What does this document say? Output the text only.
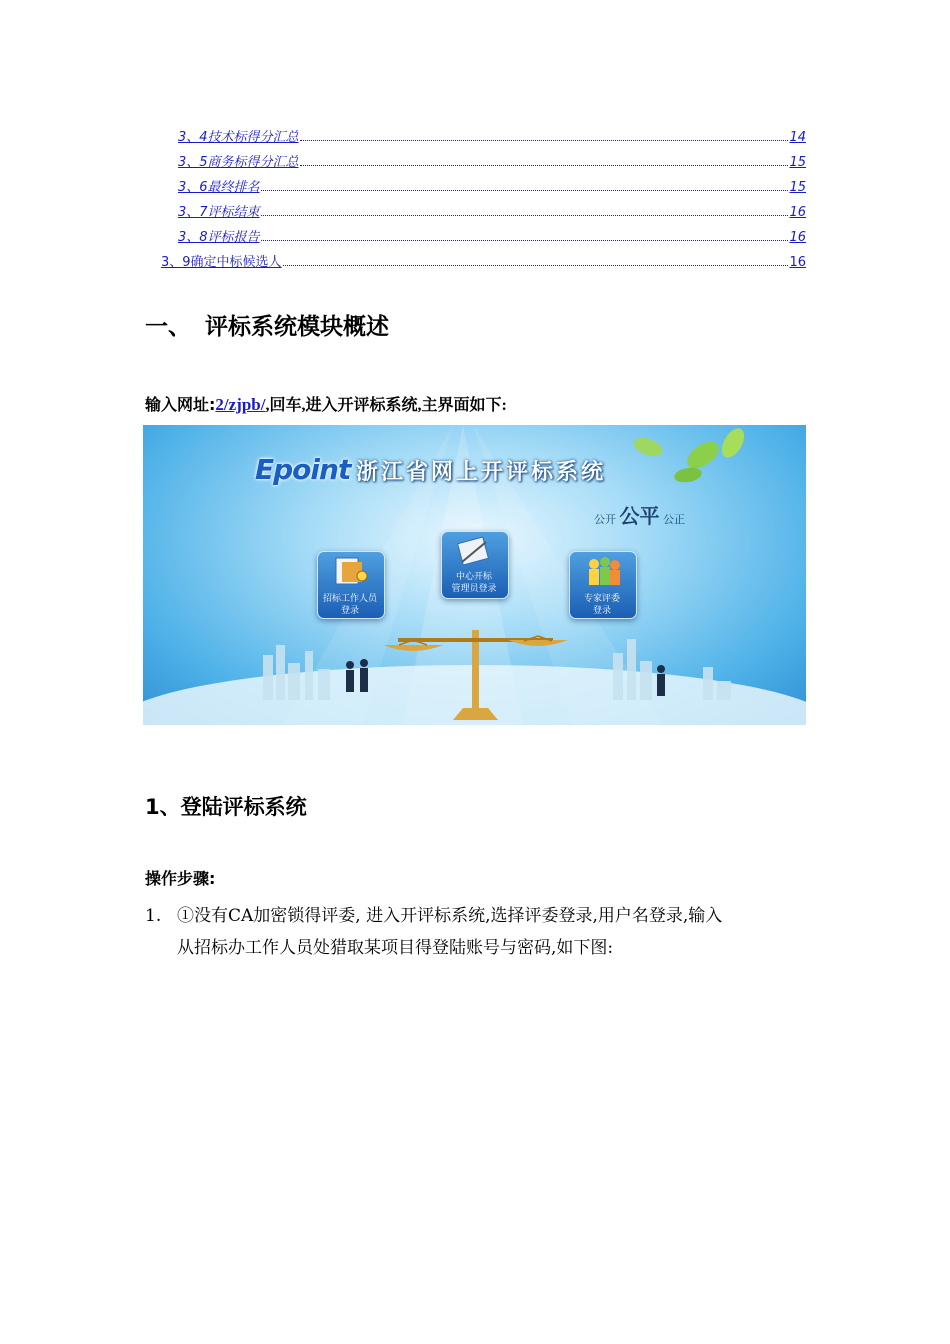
3、4技术标得分汇总	14
3、5商务标得分汇总	15
3、6最终排名	15
3、7评标结束	16
3、8评标报告	16
3、9确定中标候选人	16
一、 评标系统模块概述
输入网址:2/zjpb/,回车,进入开评标系统,主界面如下:
Epoint 浙江省网上开评标系统
公开 公平 公正
招标工作人员
登录
中心开标
管理员登录
专家评委
登录
1、登陆评标系统
操作步骤:
1. ①没有CA加密锁得评委, 进入开评标系统,选择评委登录,用户名登录,输入
从招标办工作人员处猎取某项目得登陆账号与密码,如下图:
